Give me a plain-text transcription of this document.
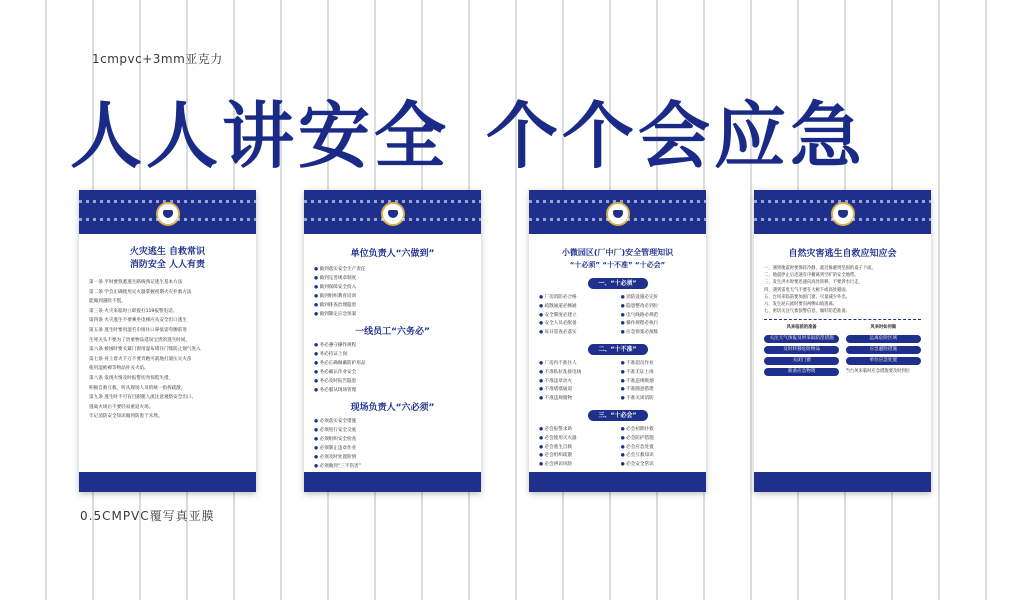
1cmpvc+3mm亚克力
人人讲安全 个个会应急
火灾逃生 自救常识
消防安全 人人有责
第一条 平时要熟悉逃生路线熟记逃生基本方法
第二条 学会正确使用灭火器掌握初期火灾扑救方法
能做到遇险不慌。
第三条 火灾来临时立即拨打119报警电话。
第四条 火灾逃生不要乘坐电梯应从安全出口逃生
第五条 逃生时要用湿毛巾捂住口鼻低姿弯腰前进
生死关头不要为了贵重物品延误宝贵的逃生时间。
第六条 被困时要关紧门窗用湿布堵住门缝防止烟气进入
第七条 身上着火千万不要奔跑可就地打滚压灭火苗
使用湿被褥等物品扑灭火焰。
第八条 发现火情及时报警切勿惊慌失措，
积极自救互救，听从现场人员的统一指挥疏散。
第九条 逃生时不可盲目跟随人流注意观察安全出口，
逃离火场后不要轻易重返火场。
牢记消防安全知识做到防患于未然。
单位负责人“六做到”
● 做到落实安全生产责任
● 做到完善规章制度
● 做到保障安全投入
● 做到组织教育培训
● 做到排查治理隐患
● 做到制定应急预案
一线员工“六务必”
● 务必遵守操作规程
● 务必持证上岗
● 务必正确佩戴防护用品
● 务必确认作业安全
● 务必及时报告隐患
● 务必服从现场管理
现场负责人“六必须”
● 必须落实安全措施
● 必须进行安全交底
● 必须组织安全检查
● 必须制止违章作业
● 必须及时处置险情
● 必须做到“三不伤害”
小微园区(厂中厂)安全管理知识
“十必须” “十不准” “十必会”
一、“十必须”
● 厂房消防必合格
● 疏散通道必畅通
● 安全制度必建立
● 安全人员必配备
● 每日巡查必落实
● 消防设施必完好
● 隐患整改必到位
● 电气线路必规范
● 操作规程必执行
● 应急预案必演练
二、“十不准”
● 厂房内不准住人
● 不准私拉乱接电线
● 不准违章动火
● 不准堵塞通道
● 不准违规储物
● 不准超员作业
● 不准无证上岗
● 不准违规吸烟
● 不准随意搭建
● 不准关闭消防
三、“十必会”
● 必会报警求助
● 必会使用灭火器
● 必会逃生自救
● 必会组织疏散
● 必会辨识风险
● 必会初期扑救
● 必会防护措施
● 必会应急处置
● 必会互救知识
● 必会安全常识
自然灾害逃生自救应知应会
一、遇到地震时要保持冷静，就近躲避到坚固的桌子下面。
二、地震停止后迅速有序撤离到空旷的安全地带。
三、发生洪水时要迅速向高处转移，不要涉水行走。
四、遇到雷电天气不要在大树下或高处避雨。
五、台风来临前要加固门窗，尽量减少外出。
六、发生泥石流时要向两侧山坡逃离。
七、密切关注气象预警信息，做好防范准备。
风来临前的准备
关注天气预报及时采取防范措施
及时转移危险物品
关闭门窗
准备应急物资
风来时如何做
远离危险区域
应急避险措施
单位应急处置
当台风来临时应急措施要及时到位
0.5CMPVC覆写真亚膜
